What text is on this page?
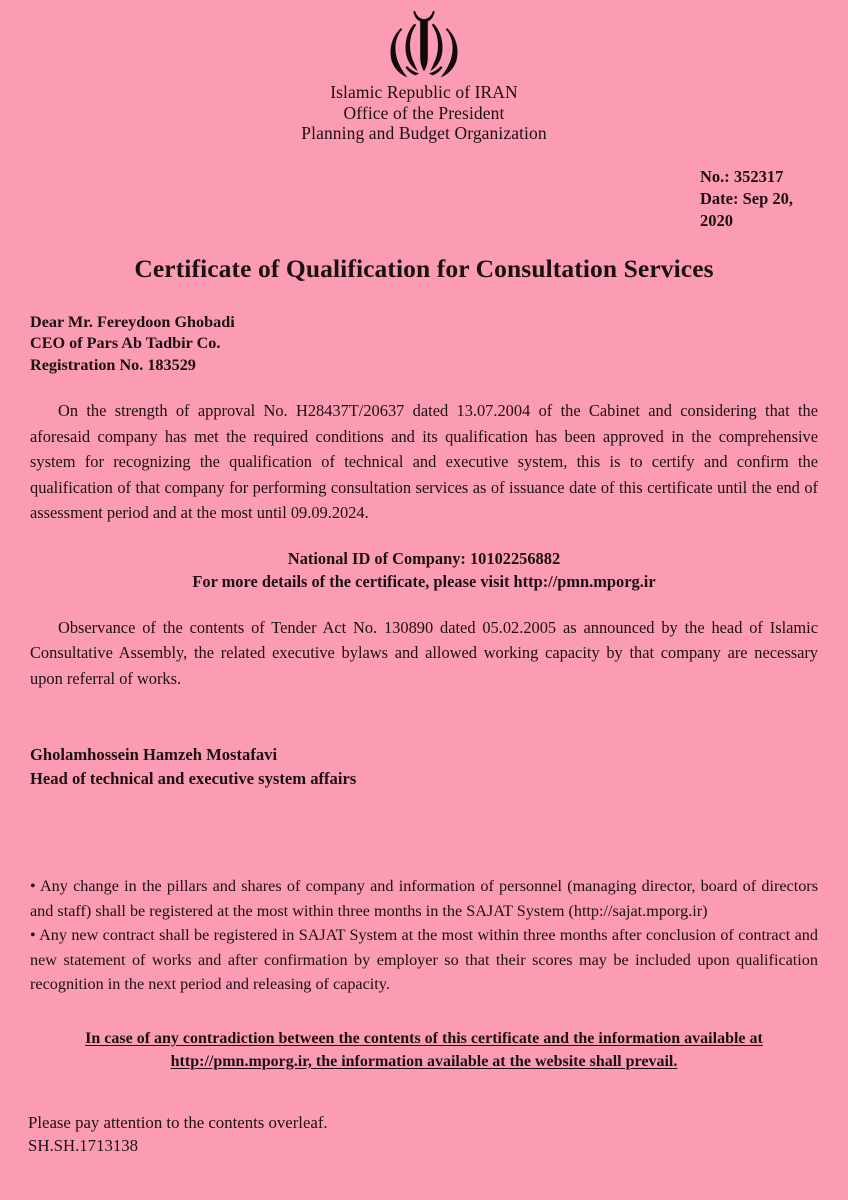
Islamic Republic of IRAN
Office of the President
Planning and Budget Organization
No.: 352317
Date: Sep 20, 2020
Certificate of Qualification for Consultation Services
Dear Mr. Fereydoon Ghobadi
CEO of Pars Ab Tadbir Co.
Registration No. 183529
On the strength of approval No. H28437T/20637 dated 13.07.2004 of the Cabinet and considering that the aforesaid company has met the required conditions and its qualification has been approved in the comprehensive system for recognizing the qualification of technical and executive system, this is to certify and confirm the qualification of that company for performing consultation services as of issuance date of this certificate until the end of assessment period and at the most until 09.09.2024.
National ID of Company: 10102256882
For more details of the certificate, please visit http://pmn.mporg.ir
Observance of the contents of Tender Act No. 130890 dated 05.02.2005 as announced by the head of Islamic Consultative Assembly, the related executive bylaws and allowed working capacity by that company are necessary upon referral of works.
Gholamhossein Hamzeh Mostafavi
Head of technical and executive system affairs
• Any change in the pillars and shares of company and information of personnel (managing director, board of directors and staff) shall be registered at the most within three months in the SAJAT System (http://sajat.mporg.ir)
• Any new contract shall be registered in SAJAT System at the most within three months after conclusion of contract and new statement of works and after confirmation by employer so that their scores may be included upon qualification recognition in the next period and releasing of capacity.
In case of any contradiction between the contents of this certificate and the information available at
http://pmn.mporg.ir, the information available at the website shall prevail.
Please pay attention to the contents overleaf.
SH.SH.1713138
